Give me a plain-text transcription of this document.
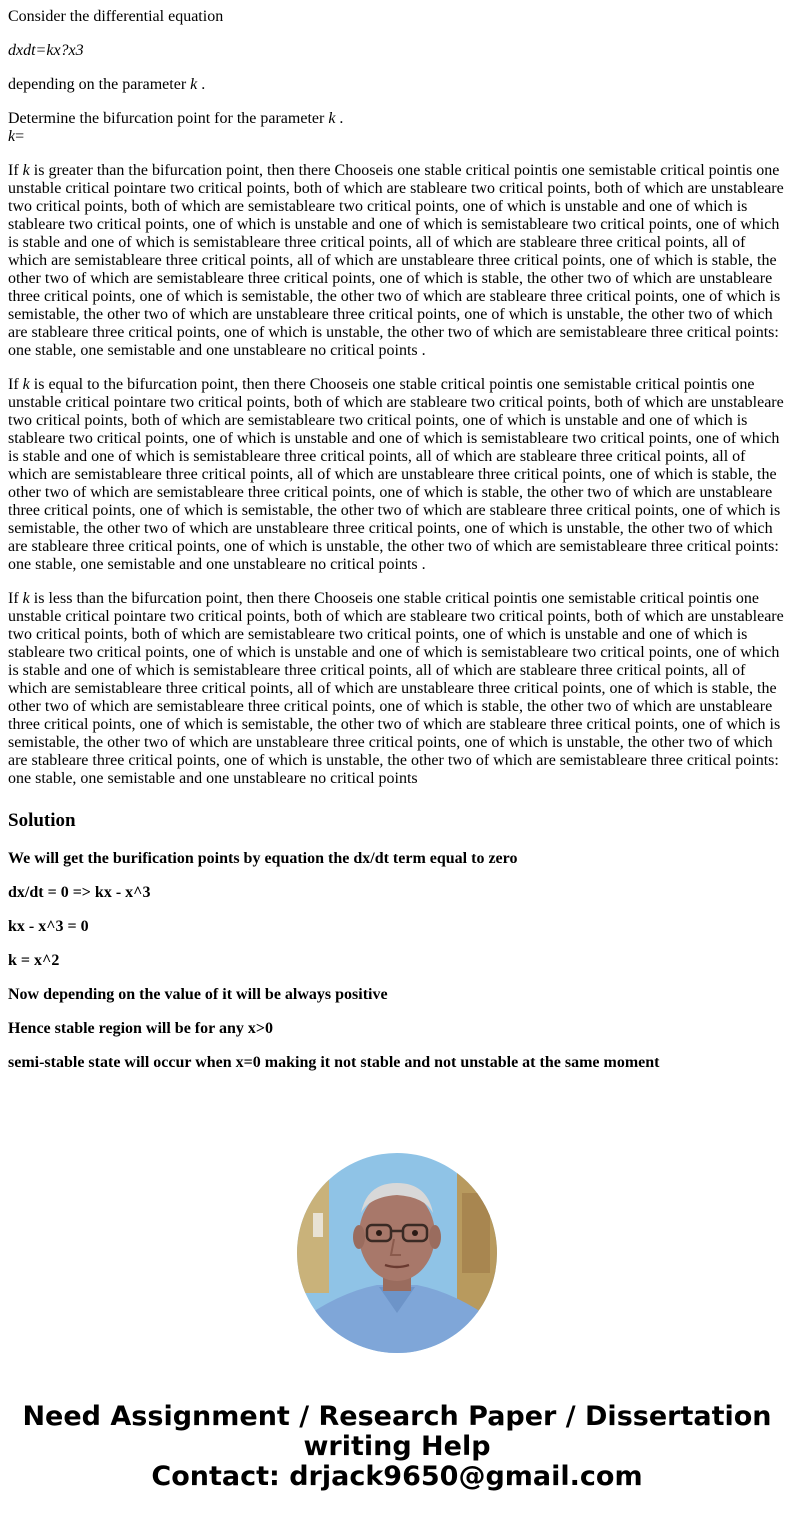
Consider the differential equation

dxdt=kx?x3

depending on the parameter k .

Determine the bifurcation point for the parameter k .
k=

If k is greater than the bifurcation point, then there Chooseis one stable critical pointis one semistable critical pointis one unstable critical pointare two critical points, both of which are stableare two critical points, both of which are unstableare two critical points, both of which are semistableare two critical points, one of which is unstable and one of which is stableare two critical points, one of which is unstable and one of which is semistableare two critical points, one of which is stable and one of which is semistableare three critical points, all of which are stableare three critical points, all of which are semistableare three critical points, all of which are unstableare three critical points, one of which is stable, the other two of which are semistableare three critical points, one of which is stable, the other two of which are unstableare three critical points, one of which is semistable, the other two of which are stableare three critical points, one of which is semistable, the other two of which are unstableare three critical points, one of which is unstable, the other two of which are stableare three critical points, one of which is unstable, the other two of which are semistableare three critical points: one stable, one semistable and one unstableare no critical points .

If k is equal to the bifurcation point, then there Chooseis one stable critical pointis one semistable critical pointis one unstable critical pointare two critical points, both of which are stableare two critical points, both of which are unstableare two critical points, both of which are semistableare two critical points, one of which is unstable and one of which is stableare two critical points, one of which is unstable and one of which is semistableare two critical points, one of which is stable and one of which is semistableare three critical points, all of which are stableare three critical points, all of which are semistableare three critical points, all of which are unstableare three critical points, one of which is stable, the other two of which are semistableare three critical points, one of which is stable, the other two of which are unstableare three critical points, one of which is semistable, the other two of which are stableare three critical points, one of which is semistable, the other two of which are unstableare three critical points, one of which is unstable, the other two of which are stableare three critical points, one of which is unstable, the other two of which are semistableare three critical points: one stable, one semistable and one unstableare no critical points .

If k is less than the bifurcation point, then there Chooseis one stable critical pointis one semistable critical pointis one unstable critical pointare two critical points, both of which are stableare two critical points, both of which are unstableare two critical points, both of which are semistableare two critical points, one of which is unstable and one of which is stableare two critical points, one of which is unstable and one of which is semistableare two critical points, one of which is stable and one of which is semistableare three critical points, all of which are stableare three critical points, all of which are semistableare three critical points, all of which are unstableare three critical points, one of which is stable, the other two of which are semistableare three critical points, one of which is stable, the other two of which are unstableare three critical points, one of which is semistable, the other two of which are stableare three critical points, one of which is semistable, the other two of which are unstableare three critical points, one of which is unstable, the other two of which are stableare three critical points, one of which is unstable, the other two of which are semistableare three critical points: one stable, one semistable and one unstableare no critical points

Solution

We will get the burification points by equation the dx/dt term equal to zero

dx/dt = 0 => kx - x^3

kx - x^3 = 0

k = x^2

Now depending on the value of it will be always positive

Hence stable region will be for any x>0

semi-stable state will occur when x=0 making it not stable and not unstable at the same moment

Need Assignment / Research Paper / Dissertation
writing Help
Contact: drjack9650@gmail.com
